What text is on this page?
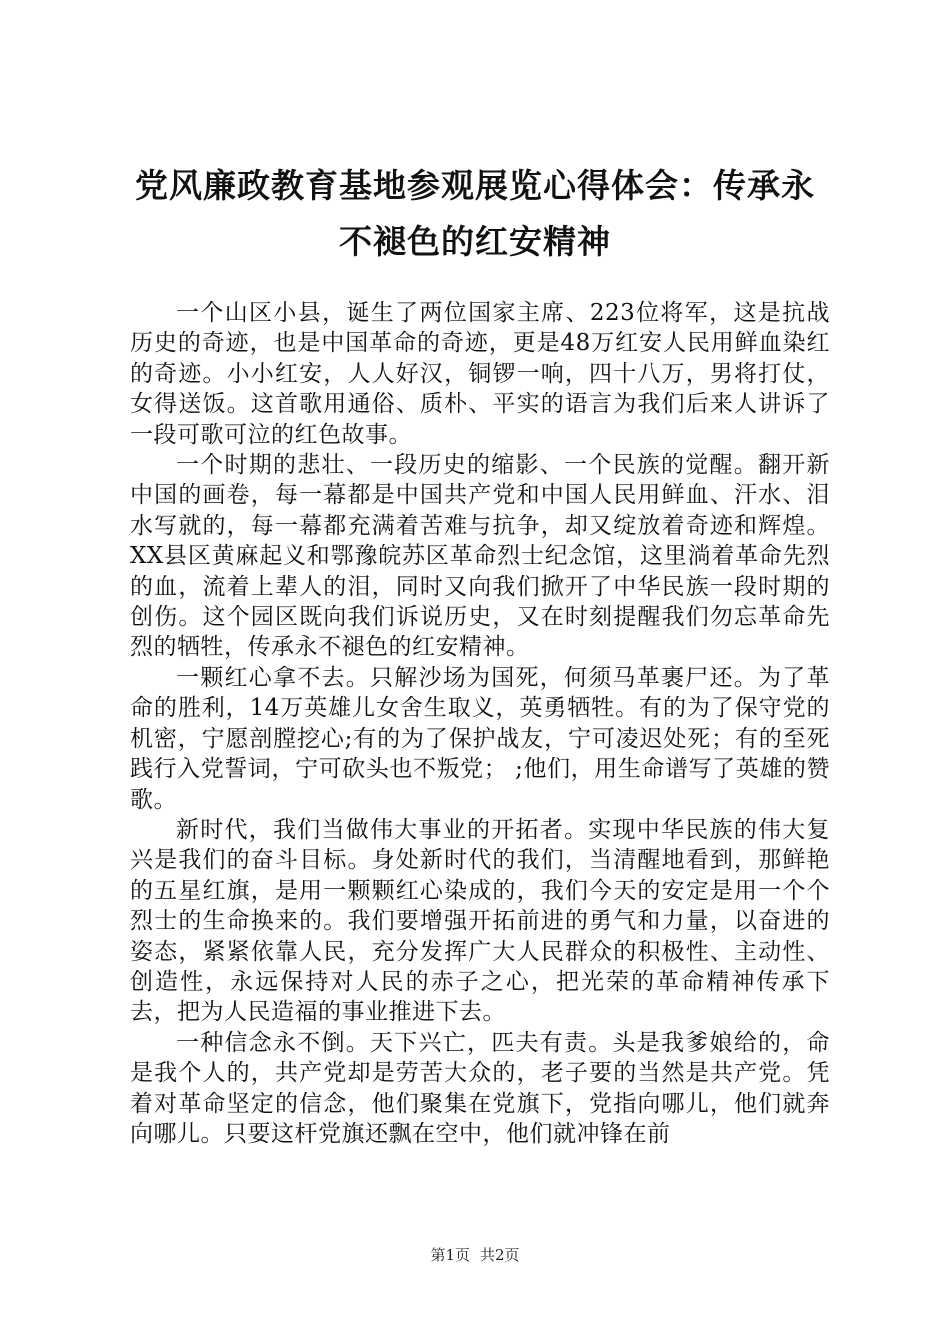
党风廉政教育基地参观展览心得体会：传承永
不褪色的红安精神

一个山区小县，诞生了两位国家主席、223位将军，这是抗战历史的奇迹，也是中国革命的奇迹，更是48万红安人民用鲜血染红的奇迹。小小红安，人人好汉，铜锣一响，四十八万，男将打仗，女得送饭。这首歌用通俗、质朴、平实的语言为我们后来人讲诉了一段可歌可泣的红色故事。

一个时期的悲壮、一段历史的缩影、一个民族的觉醒。翻开新中国的画卷，每一幕都是中国共产党和中国人民用鲜血、汗水、泪水写就的，每一幕都充满着苦难与抗争，却又绽放着奇迹和辉煌。XX县区黄麻起义和鄂豫皖苏区革命烈士纪念馆，这里淌着革命先烈的血，流着上辈人的泪，同时又向我们掀开了中华民族一段时期的创伤。这个园区既向我们诉说历史，又在时刻提醒我们勿忘革命先烈的牺牲，传承永不褪色的红安精神。

一颗红心拿不去。只解沙场为国死，何须马革裹尸还。为了革命的胜利，14万英雄儿女舍生取义，英勇牺牲。有的为了保守党的机密，宁愿剖膛挖心;有的为了保护战友，宁可凌迟处死；有的至死践行入党誓词，宁可砍头也不叛党； ;他们，用生命谱写了英雄的赞歌。

新时代，我们当做伟大事业的开拓者。实现中华民族的伟大复兴是我们的奋斗目标。身处新时代的我们，当清醒地看到，那鲜艳的五星红旗，是用一颗颗红心染成的，我们今天的安定是用一个个烈士的生命换来的。我们要增强开拓前进的勇气和力量，以奋进的姿态，紧紧依靠人民，充分发挥广大人民群众的积极性、主动性、创造性，永远保持对人民的赤子之心，把光荣的革命精神传承下去，把为人民造福的事业推进下去。

一种信念永不倒。天下兴亡，匹夫有责。头是我爹娘给的，命是我个人的，共产党却是劳苦大众的，老子要的当然是共产党。凭着对革命坚定的信念，他们聚集在党旗下，党指向哪儿，他们就奔向哪儿。只要这杆党旗还飘在空中，他们就冲锋在前

第1页 共2页
